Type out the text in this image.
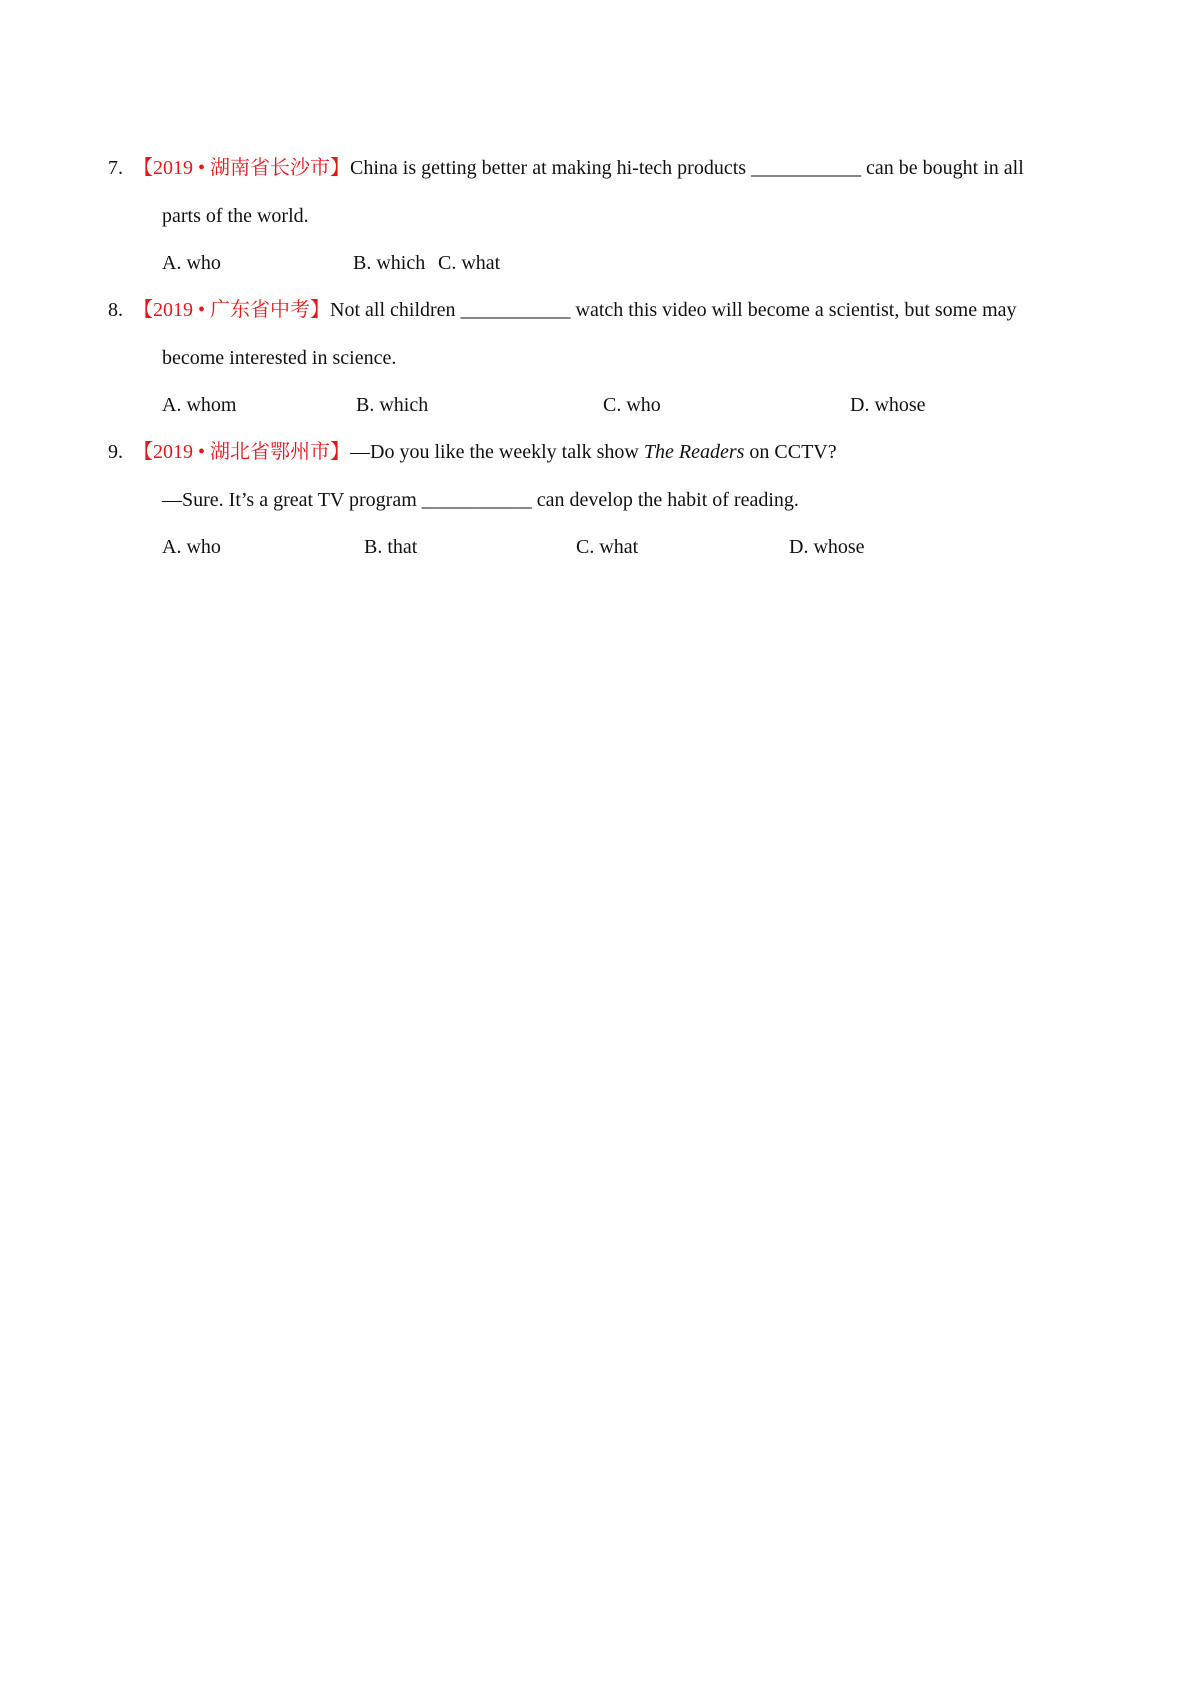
7. 【2019 • 湖南省长沙市】China is getting better at making hi-tech products ___________ can be bought in all
parts of the world.
A. who	B. which C. what
8. 【2019 • 广东省中考】Not all children ___________ watch this video will become a scientist, but some may
become interested in science.
A. whom	B. which	C. who	D. whose
9. 【2019 • 湖北省鄂州市】—Do you like the weekly talk show The Readers on CCTV?
—Sure. It’s a great TV program ___________ can develop the habit of reading.
A. who	B. that	C. what	D. whose
